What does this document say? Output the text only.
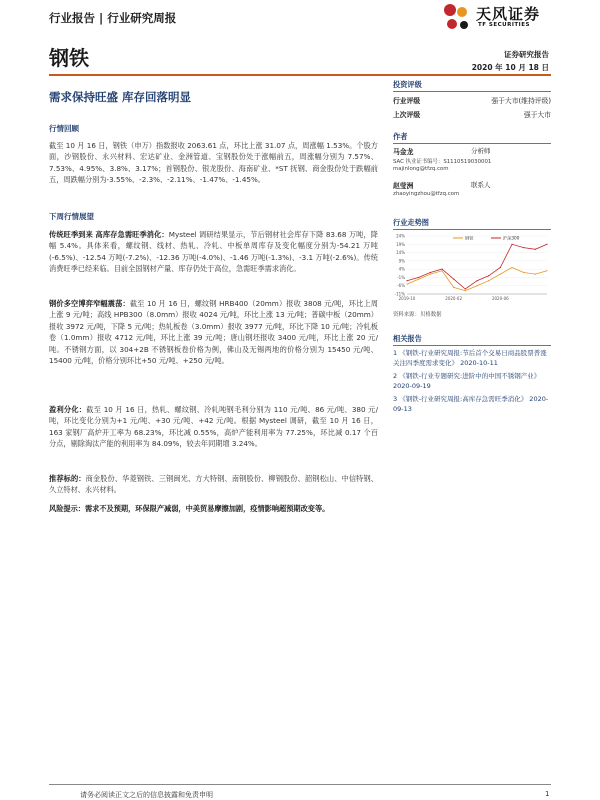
行业报告 | 行业研究周报	天风证券
TF SECURITIES
钢铁	证券研究报告
2020 年 10 月 18 日
需求保持旺盛 库存回落明显
行情回顾
截至 10 月 16 日，钢铁（申万）指数报收 2063.61 点，环比上涨 31.07 点，周涨幅 1.53%。个股方面，沙钢股份、永兴材料、宏达矿业、金洲管道、宝钢股份处于涨幅前五，周涨幅分别为 7.57%、7.53%、4.95%、3.8%、3.17%；首钢股份、银龙股份、海南矿业、*ST 抚钢、商金股份处于跌幅前五，周跌幅分别为-3.55%、-2.3%、-2.11%、-1.47%、-1.45%。
下周行情展望
传统旺季到来 高库存急需旺季消化：Mysteel 调研结果显示，节后钢材社会库存下降 83.68 万吨，降幅 5.4%。具体来看，螺纹钢、线材、热轧、冷轧、中板单周库存及变化幅度分别为-54.21 万吨(-6.5%)、-12.54 万吨(-7.2%)、-12.36 万吨(-4.0%)、-1.46 万吨(-1.3%)、-3.1 万吨(-2.6%)。传统消费旺季已经来临。目前全国钢材产量、库存仍处于高位，急需旺季需求消化。
钢价多空博弈窄幅震荡：截至 10 月 16 日，螺纹钢 HRB400（20mm）报收 3808 元/吨，环比上周上涨 9 元/吨；高线 HPB300（8.0mm）报收 4024 元/吨，环比上涨 13 元/吨；普碳中板（20mm）报收 3972 元/吨，下降 5 元/吨；热轧板卷（3.0mm）报收 3977 元/吨，环比下降 10 元/吨；冷轧板卷（1.0mm）报收 4712 元/吨，环比上涨 39 元/吨；唐山钢坯报收 3400 元/吨，环比上涨 20 元/吨。不锈钢方面，以 304+2B 不锈钢板卷价格为例，佛山及无锡两地的价格分别为 15450 元/吨、15400 元/吨，价格分别环比+50 元/吨、+250 元/吨。
盈利分化：截至 10 月 16 日，热轧、螺纹钢、冷轧吨钢毛利分别为 110 元/吨、86 元/吨、380 元/吨，环比变化分别为+1 元/吨、+30 元/吨、+42 元/吨。根据 Mysteel 调研，截至 10 月 16 日，163 家钢厂高炉开工率为 68.23%，环比减 0.55%，高炉产能利用率为 77.25%，环比减 0.17 个百分点，剔除淘汰产能的利用率为 84.09%，较去年同期增 3.24%。
推荐标的：商金股份、华菱钢铁、三钢闽光、方大特钢、南钢股份、柳钢股份、韶钢松山、中信特钢、久立特材、永兴材料。
风险提示：需求不及预期，环保限产减弱，中美贸易摩擦加剧，疫情影响超预期改变等。
投资评级
行业评级	强于大市(维持评级)
上次评级	强于大市
作者
马金龙	分析师
SAC 执业证书编号：S1110519030001
majinlong@tfzq.com
赵莹洲	联系人
zhaoyingzhou@tfzq.com
行业走势图
24%
19%
14%
9%
4%
-1%
-6%
-11%
2019-10	2020-02	2020-06
钢铁	沪深300
资料来源：贝格数据
相关报告
1 《钢铁-行业研究周报:节后首个交易日商品股票普涨 关注四季度需求变化》 2020-10-11
2 《钢铁-行业专题研究:进阶中的中国不锈钢产业》 2020-09-19
3 《钢铁-行业研究周报:高库存急需旺季消化》 2020-09-13
请务必阅读正文之后的信息披露和免责申明	1
